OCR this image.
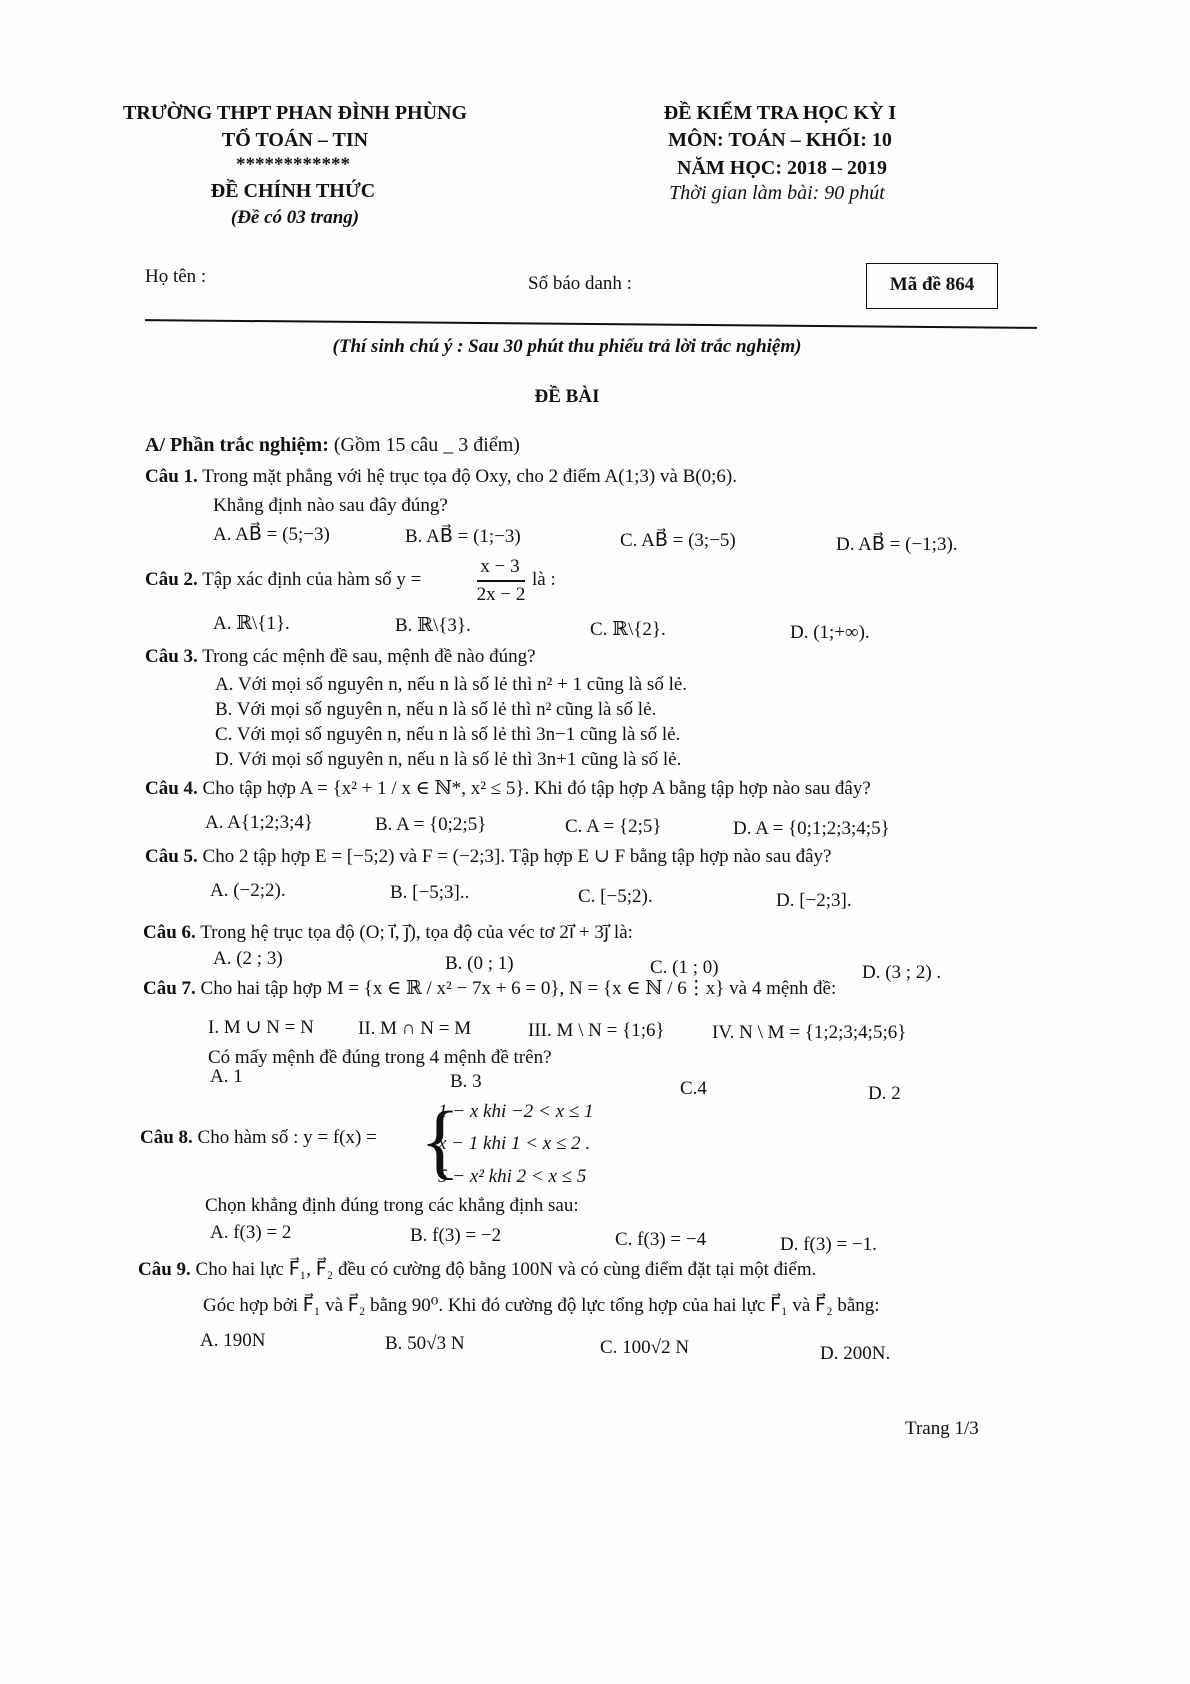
TRƯỜNG THPT PHAN ĐÌNH PHÙNG
TỔ TOÁN – TIN
************
ĐỀ CHÍNH THỨC
(Đề có 03 trang)
ĐỀ KIỂM TRA HỌC KỲ I
MÔN: TOÁN – KHỐI: 10
NĂM HỌC: 2018 – 2019
Thời gian làm bài: 90 phút
Họ tên :	Số báo danh :	Mã đề 864
(Thí sinh chú ý : Sau 30 phút thu phiếu trả lời trắc nghiệm)
ĐỀ BÀI
A/ Phần trắc nghiệm: (Gồm 15 câu _ 3 điểm)
Câu 1. Trong mặt phẳng với hệ trục tọa độ Oxy, cho 2 điểm A(1;3) và B(0;6).
Khẳng định nào sau đây đúng?
A. AB⃗ = (5;−3)	B. AB⃗ = (1;−3)	C. AB⃗ = (3;−5)	D. AB⃗ = (−1;3).
Câu 2. Tập xác định của hàm số y =
x − 3
2x − 2
là :
A. ℝ\{1}.	B. ℝ\{3}.	C. ℝ\{2}.	D. (1;+∞).
Câu 3. Trong các mệnh đề sau, mệnh đề nào đúng?
A. Với mọi số nguyên n, nếu n là số lẻ thì n² + 1 cũng là số lẻ.
B. Với mọi số nguyên n, nếu n là số lẻ thì n² cũng là số lẻ.
C. Với mọi số nguyên n, nếu n là số lẻ thì 3n−1 cũng là số lẻ.
D. Với mọi số nguyên n, nếu n là số lẻ thì 3n+1 cũng là số lẻ.
Câu 4. Cho tập hợp A = {x² + 1 / x ∈ ℕ*, x² ≤ 5}. Khi đó tập hợp A bằng tập hợp nào sau đây?
A. A{1;2;3;4}	B. A = {0;2;5}	C. A = {2;5}	D. A = {0;1;2;3;4;5}
Câu 5. Cho 2 tập hợp E = [−5;2) và F = (−2;3]. Tập hợp E ∪ F bằng tập hợp nào sau đây?
A. (−2;2).	B. [−5;3]..	C. [−5;2).	D. [−2;3].
Câu 6. Trong hệ trục tọa độ (O; i⃗, j⃗), tọa độ của véc tơ 2i⃗ + 3j⃗ là:
A. (2 ; 3)	B. (0 ; 1)	C. (1 ; 0)	D. (3 ; 2) .
Câu 7. Cho hai tập hợp M = {x ∈ ℝ / x² − 7x + 6 = 0}, N = {x ∈ ℕ / 6⋮x} và 4 mệnh đề:
I. M ∪ N = N II. M ∩ N = M	III. M \ N = {1;6} IV. N \ M = {1;2;3;4;5;6}
Có mấy mệnh đề đúng trong 4 mệnh đề trên?
A. 1	B. 3	C.4	D. 2
Câu 8. Cho hàm số : y = f(x) = {
1 − x khi −2 < x ≤ 1
x − 1 khi 1 < x ≤ 2 .
5 − x² khi 2 < x ≤ 5
Chọn khẳng định đúng trong các khẳng định sau:
A. f(3) = 2	B. f(3) = −2	C. f(3) = −4	D. f(3) = −1.
Câu 9. Cho hai lực F⃗₁, F⃗₂ đều có cường độ bằng 100N và có cùng điểm đặt tại một điểm.
Góc hợp bởi F⃗₁ và F⃗₂ bằng 90⁰. Khi đó cường độ lực tổng hợp của hai lực F⃗₁ và F⃗₂ bằng:
A. 190N	B. 50√3 N	C. 100√2 N	D. 200N.
Trang 1/3
